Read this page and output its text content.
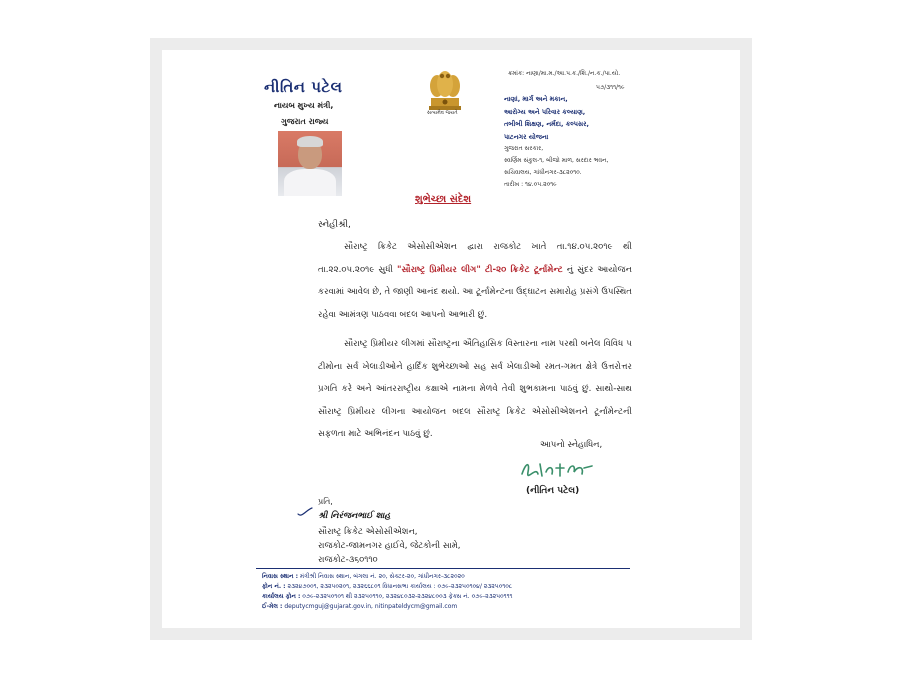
નીતિન પટેલ
નાયબ મુખ્ય મંત્રી,
ગુજરાત રાજ્ય
સત્યમેવ જયતે
ક્રમાંક: નાણા/મા.મ./આ.પ.ક./શિ./ન.ક./પા.યો.
૫૭/૩૧૧/૧૯
નાણાં, માર્ગ અને મકાન,
આરોગ્ય અને પરિવાર કલ્યાણ,
તબીબી શિક્ષણ, નર્મદા, કલ્પસર,
પાટનગર યોજના
ગુજરાત સરકાર,
સ્વર્ણિમ સંકુલ-૧, બીજો માળ, સરદાર ભવન,
સચિવાલય, ગાંધીનગર-૩૮૨૦૧૦.
તારીખ : ૧૪.૦૫.૨૦૧૯
શુભેચ્છા સંદેશ
સ્નેહીશ્રી,

સૌરાષ્ટ્ર ક્રિકેટ એસોસીએશન દ્વારા રાજકોટ ખાતે તા.૧૪.૦૫.૨૦૧૯ થી તા.૨૨.૦૫.૨૦૧૯ સુધી "સૌરાષ્ટ્ર પ્રિમીયર લીગ" ટી-૨૦ ક્રિકેટ ટૂર્નામેન્ટ નું સુંદર આયોજન કરવામાં આવેલ છે, તે જાણી આનંદ થયો. આ ટૂર્નામેન્ટના ઉદ્‌ઘાટન સમારોહ પ્રસંગે ઉપસ્થિત રહેવા આમંત્રણ પાઠવવા બદલ આપનો આભારી છું.

સૌરાષ્ટ્ર પ્રિમીયર લીગમાં સૌરાષ્ટ્રના ઐતિહાસિક વિસ્તારના નામ પરથી બનેલ વિવિધ ૫ ટીમોના સર્વ ખેલાડીઓને હાર્દિક શુભેચ્છાઓ સહ સર્વ ખેલાડીઓ રમત-ગમત ક્ષેત્રે ઉત્તરોત્તર પ્રગતિ કરે અને આંતરરાષ્ટ્રીય કક્ષાએ નામના મેળવે તેવી શુભકામના પાઠવું છું. સાથો-સાથ સૌરાષ્ટ્ર પ્રિમીયર લીગના આયોજન બદલ સૌરાષ્ટ્ર ક્રિકેટ એસોસીએશનને ટૂર્નામેન્ટની સફળતા માટે અભિનંદન પાઠવું છું.

આપનો સ્નેહાધિન,
(નીતિન પટેલ)
પ્રતિ,
શ્રી નિરંજનભાઈ શાહ
સૌરાષ્ટ્ર ક્રિકેટ એસોસીએશન,
રાજકોટ-જામનગર હાઈવે, જેટકોની સામે,
રાજકોટ-૩૬૦૧૧૦
નિવાસ સ્થાન : મંત્રીશ્રી નિવાસ સ્થાન, બંગલા નં. ૨૦, સેક્ટર-૨૦, ગાંધીનગર-૩૮૨૦૨૦
ફોન નં. : ૨૩૨૪૭૦૦૧, ૨૩૨૫૦૨૦૧, ૨૩૨૬૬૮૦૧ વિધાનસભા કાર્યાલય : ૦૭૯-૨૩૨૫૦૧૦૪/ ૨૩૨૫૦૧૦૮
કાર્યાલય ફોન : ૦૭૯-૨૩૨૫૦૧૦૧ થી ૨૩૨૫૦૧૧૦, ૨૩૨૪૮૦૩૨-૨૩૨૪૮૦૦૩ ફેક્સ નં. ૦૭૯-૨૩૨૫૦૧૧૧
ઈ-મેલ : deputycmguj@gujarat.gov.in, nitinpateldycm@gmail.com
